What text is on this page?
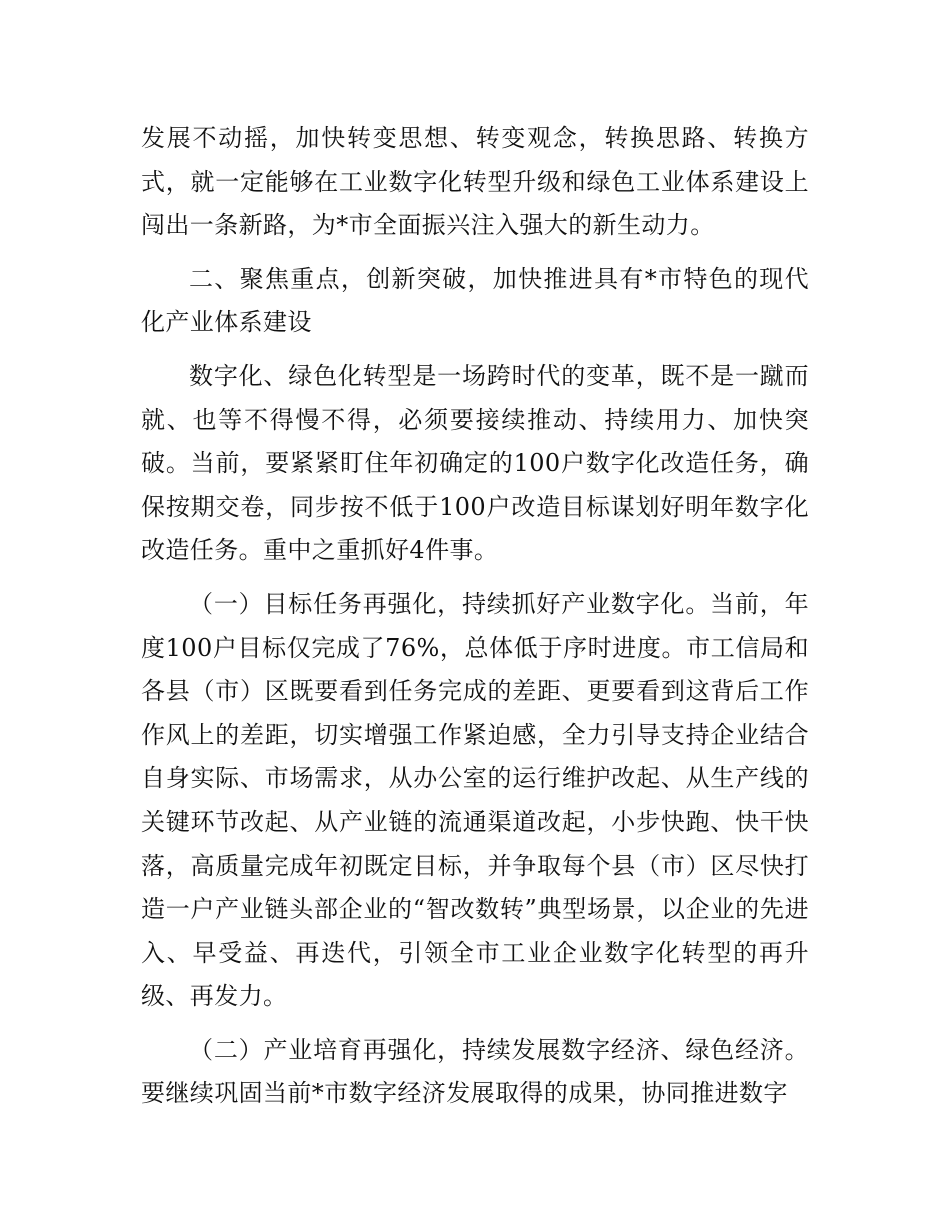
发展不动摇，加快转变思想、转变观念，转换思路、转换方式，就一定能够在工业数字化转型升级和绿色工业体系建设上闯出一条新路，为*市全面振兴注入强大的新生动力。

二、聚焦重点，创新突破，加快推进具有*市特色的现代化产业体系建设

数字化、绿色化转型是一场跨时代的变革，既不是一蹴而就、也等不得慢不得，必须要接续推动、持续用力、加快突破。当前，要紧紧盯住年初确定的100户数字化改造任务，确保按期交卷，同步按不低于100户改造目标谋划好明年数字化改造任务。重中之重抓好4件事。

（一）目标任务再强化，持续抓好产业数字化。当前，年度100户目标仅完成了76%，总体低于序时进度。市工信局和各县（市）区既要看到任务完成的差距、更要看到这背后工作作风上的差距，切实增强工作紧迫感，全力引导支持企业结合自身实际、市场需求，从办公室的运行维护改起、从生产线的关键环节改起、从产业链的流通渠道改起，小步快跑、快干快落，高质量完成年初既定目标，并争取每个县（市）区尽快打造一户产业链头部企业的“智改数转”典型场景，以企业的先进入、早受益、再迭代，引领全市工业企业数字化转型的再升级、再发力。

（二）产业培育再强化，持续发展数字经济、绿色经济。要继续巩固当前*市数字经济发展取得的成果，协同推进数字
